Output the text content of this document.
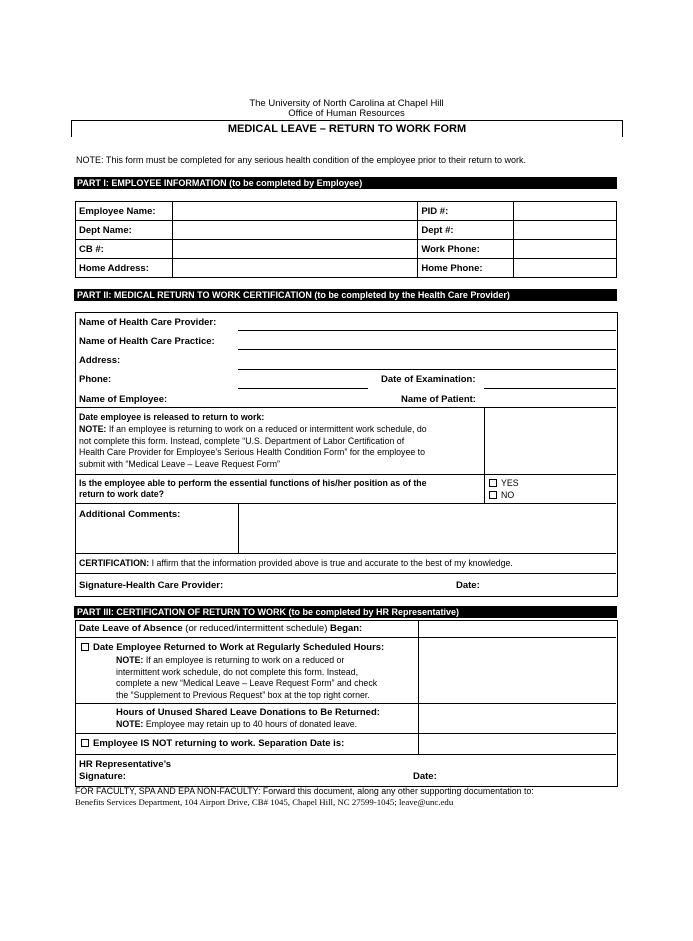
The University of North Carolina at Chapel Hill
Office of Human Resources
MEDICAL LEAVE – RETURN TO WORK FORM
NOTE: This form must be completed for any serious health condition of the employee prior to their return to work.
PART I: EMPLOYEE INFORMATION (to be completed by Employee)
Employee Name:		PID #:	
Dept Name:		Dept #:	
CB #:		Work Phone:	
Home Address:		Home Phone:	
PART II: MEDICAL RETURN TO WORK CERTIFICATION (to be completed by the Health Care Provider)
Name of Health Care Provider:
Name of Health Care Practice:
Address:
Phone:	Date of Examination:
Name of Employee:	Name of Patient:
Date employee is released to return to work:
NOTE: If an employee is returning to work on a reduced or intermittent work schedule, do
not complete this form. Instead, complete “U.S. Department of Labor Certification of
Health Care Provider for Employee’s Serious Health Condition Form” for the employee to
submit with “Medical Leave – Leave Request Form”
Is the employee able to perform the essential functions of his/her position as of the
return to work date?
YES
NO
Additional Comments:
CERTIFICATION: I affirm that the information provided above is true and accurate to the best of my knowledge.
Signature-Health Care Provider:	Date:
PART III: CERTIFICATION OF RETURN TO WORK (to be completed by HR Representative)
Date Leave of Absence (or reduced/intermittent schedule) Began:
Date Employee Returned to Work at Regularly Scheduled Hours:
NOTE: If an employee is returning to work on a reduced or
intermittent work schedule, do not complete this form. Instead,
complete a new “Medical Leave – Leave Request Form” and check
the “Supplement to Previous Request” box at the top right corner.
Hours of Unused Shared Leave Donations to Be Returned:
NOTE: Employee may retain up to 40 hours of donated leave.
Employee IS NOT returning to work. Separation Date is:
HR Representative’s
Signature:	Date:
FOR FACULTY, SPA AND EPA NON-FACULTY: Forward this document, along any other supporting documentation to:
Benefits Services Department, 104 Airport Drive, CB# 1045, Chapel Hill, NC 27599-1045; leave@unc.edu
